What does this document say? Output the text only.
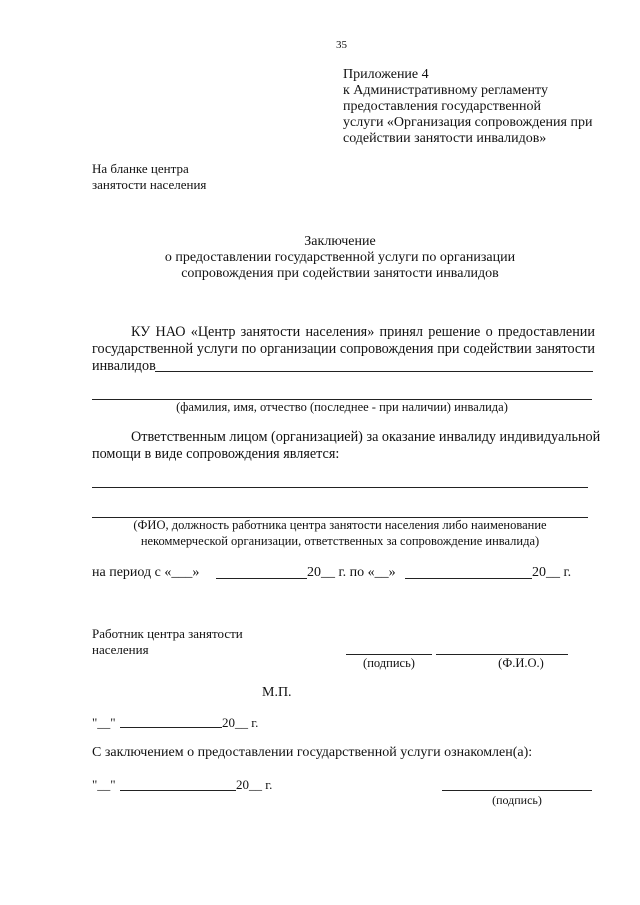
35
Приложение 4
к Административному регламенту
предоставления государственной
услуги «Организация сопровождения при
содействии занятости инвалидов»
На бланке центра
занятости населения
Заключение
о предоставлении государственной услуги по организации
сопровождения при содействии занятости инвалидов
КУ НАО «Центр занятости населения» принял решение о предоставлении
государственной услуги по организации сопровождения при содействии занятости
инвалидов
(фамилия, имя, отчество (последнее - при наличии) инвалида)
Ответственным лицом (организацией) за оказание инвалиду индивидуальной
помощи в виде сопровождения является:
(ФИО, должность работника центра занятости населения либо наименование
некоммерческой организации, ответственных за сопровождение инвалида)
на период с «___»	20__ г. по «__»	20__ г.
Работник центра занятости
населения
(подпись)	(Ф.И.О.)
М.П.
"__"	20__ г.
С заключением о предоставлении государственной услуги ознакомлен(а):
"__"	20__ г.
(подпись)
